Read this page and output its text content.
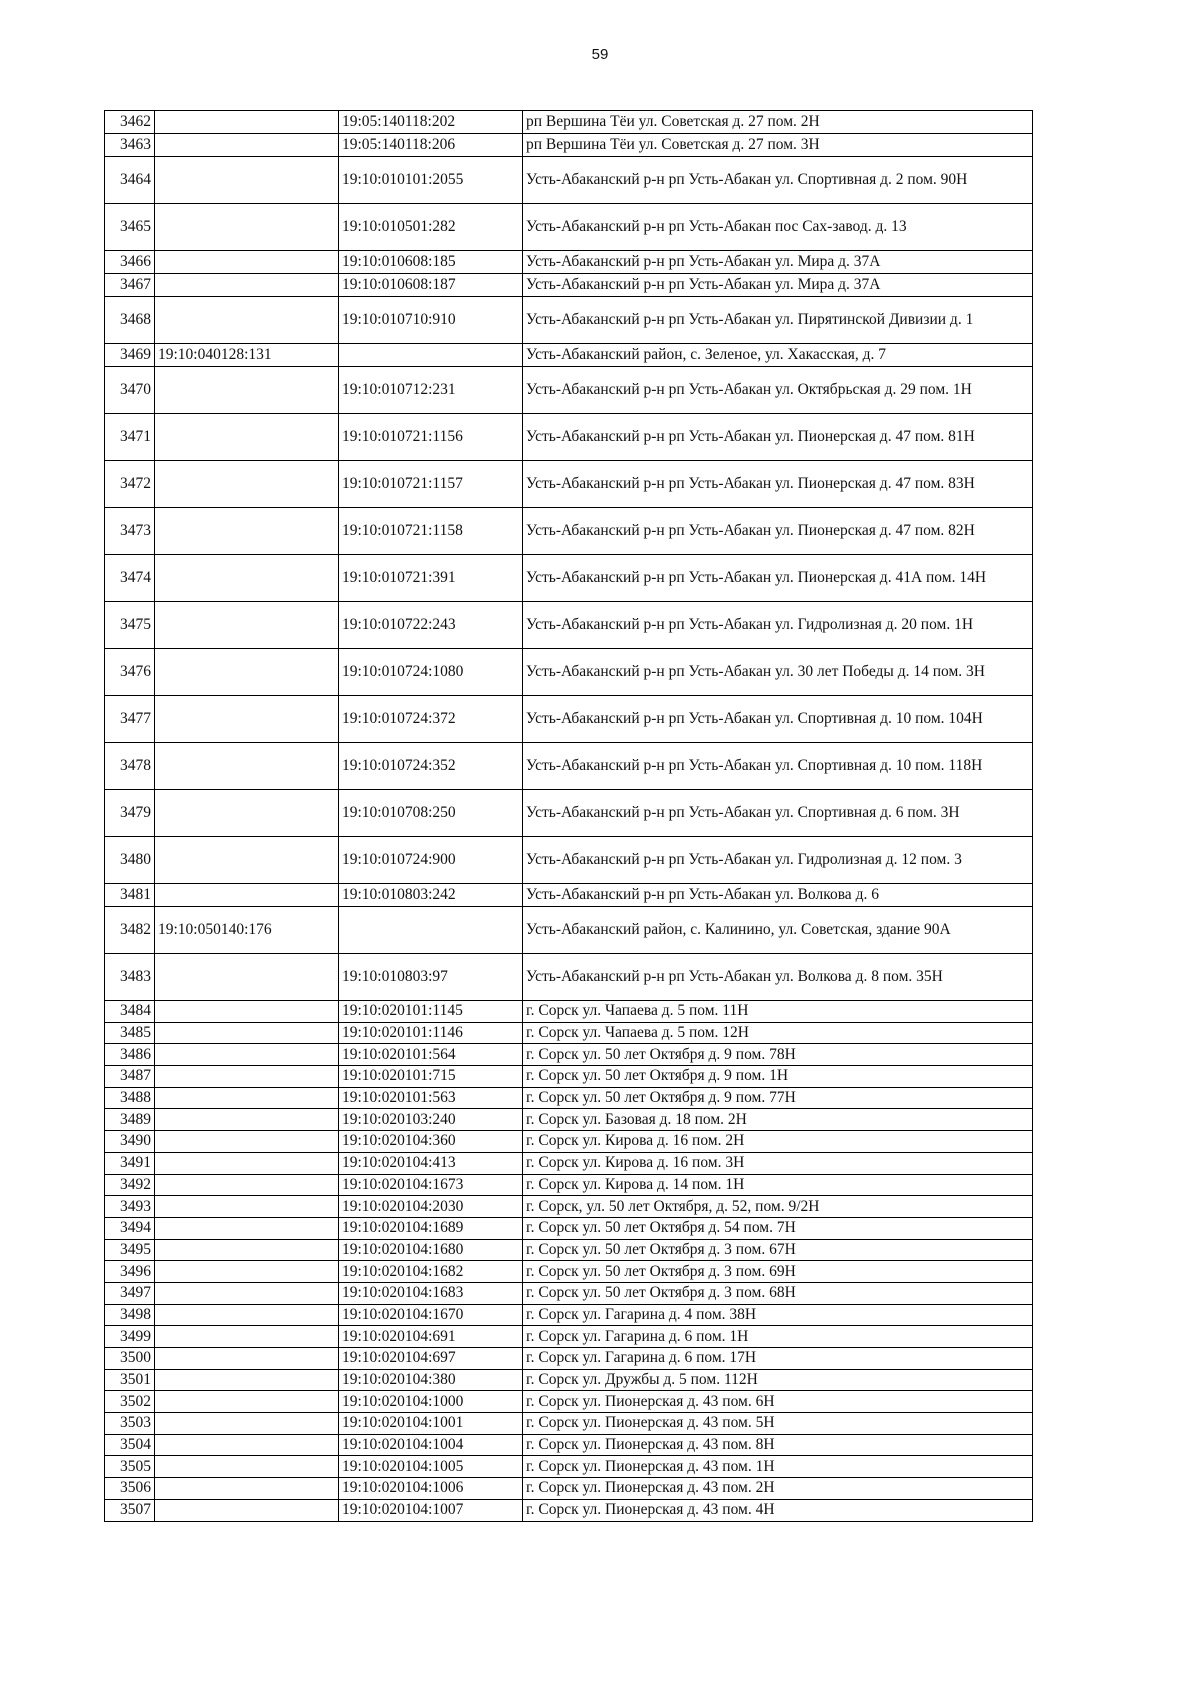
59
3462		19:05:140118:202	рп Вершина Тёи ул. Советская д. 27 пом. 2Н
3463		19:05:140118:206	рп Вершина Тёи ул. Советская д. 27 пом. 3Н
3464		19:10:010101:2055	Усть-Абаканский р-н рп Усть-Абакан ул. Спортивная д. 2 пом. 90Н
3465		19:10:010501:282	Усть-Абаканский р-н рп Усть-Абакан пос Сах-завод. д. 13
3466		19:10:010608:185	Усть-Абаканский р-н рп Усть-Абакан ул. Мира д. 37А
3467		19:10:010608:187	Усть-Абаканский р-н рп Усть-Абакан ул. Мира д. 37А
3468		19:10:010710:910	Усть-Абаканский р-н рп Усть-Абакан ул. Пирятинской Дивизии д. 1
3469	19:10:040128:131		Усть-Абаканский район, с. Зеленое, ул. Хакасская, д. 7
3470		19:10:010712:231	Усть-Абаканский р-н рп Усть-Абакан ул. Октябрьская д. 29 пом. 1Н
3471		19:10:010721:1156	Усть-Абаканский р-н рп Усть-Абакан ул. Пионерская д. 47 пом. 81Н
3472		19:10:010721:1157	Усть-Абаканский р-н рп Усть-Абакан ул. Пионерская д. 47 пом. 83Н
3473		19:10:010721:1158	Усть-Абаканский р-н рп Усть-Абакан ул. Пионерская д. 47 пом. 82Н
3474		19:10:010721:391	Усть-Абаканский р-н рп Усть-Абакан ул. Пионерская д. 41А пом. 14Н
3475		19:10:010722:243	Усть-Абаканский р-н рп Усть-Абакан ул. Гидролизная д. 20 пом. 1Н
3476		19:10:010724:1080	Усть-Абаканский р-н рп Усть-Абакан ул. 30 лет Победы д. 14 пом. 3Н
3477		19:10:010724:372	Усть-Абаканский р-н рп Усть-Абакан ул. Спортивная д. 10 пом. 104Н
3478		19:10:010724:352	Усть-Абаканский р-н рп Усть-Абакан ул. Спортивная д. 10 пом. 118Н
3479		19:10:010708:250	Усть-Абаканский р-н рп Усть-Абакан ул. Спортивная д. 6 пом. 3Н
3480		19:10:010724:900	Усть-Абаканский р-н рп Усть-Абакан ул. Гидролизная д. 12 пом. 3
3481		19:10:010803:242	Усть-Абаканский р-н рп Усть-Абакан ул. Волкова д. 6
3482	19:10:050140:176		Усть-Абаканский район, с. Калинино, ул. Советская, здание 90А
3483		19:10:010803:97	Усть-Абаканский р-н рп Усть-Абакан ул. Волкова д. 8 пом. 35Н
3484		19:10:020101:1145	г. Сорск ул. Чапаева д. 5 пом. 11Н
3485		19:10:020101:1146	г. Сорск ул. Чапаева д. 5 пом. 12Н
3486		19:10:020101:564	г. Сорск ул. 50 лет Октября д. 9 пом. 78Н
3487		19:10:020101:715	г. Сорск ул. 50 лет Октября д. 9 пом. 1Н
3488		19:10:020101:563	г. Сорск ул. 50 лет Октября д. 9 пом. 77Н
3489		19:10:020103:240	г. Сорск ул. Базовая д. 18 пом. 2Н
3490		19:10:020104:360	г. Сорск ул. Кирова д. 16 пом. 2Н
3491		19:10:020104:413	г. Сорск ул. Кирова д. 16 пом. 3Н
3492		19:10:020104:1673	г. Сорск ул. Кирова д. 14 пом. 1Н
3493		19:10:020104:2030	г. Сорск, ул. 50 лет Октября, д. 52, пом. 9/2Н
3494		19:10:020104:1689	г. Сорск ул. 50 лет Октября д. 54 пом. 7Н
3495		19:10:020104:1680	г. Сорск ул. 50 лет Октября д. 3 пом. 67Н
3496		19:10:020104:1682	г. Сорск ул. 50 лет Октября д. 3 пом. 69Н
3497		19:10:020104:1683	г. Сорск ул. 50 лет Октября д. 3 пом. 68Н
3498		19:10:020104:1670	г. Сорск ул. Гагарина д. 4 пом. 38Н
3499		19:10:020104:691	г. Сорск ул. Гагарина д. 6 пом. 1Н
3500		19:10:020104:697	г. Сорск ул. Гагарина д. 6 пом. 17Н
3501		19:10:020104:380	г. Сорск ул. Дружбы д. 5 пом. 112Н
3502		19:10:020104:1000	г. Сорск ул. Пионерская д. 43 пом. 6Н
3503		19:10:020104:1001	г. Сорск ул. Пионерская д. 43 пом. 5Н
3504		19:10:020104:1004	г. Сорск ул. Пионерская д. 43 пом. 8Н
3505		19:10:020104:1005	г. Сорск ул. Пионерская д. 43 пом. 1Н
3506		19:10:020104:1006	г. Сорск ул. Пионерская д. 43 пом. 2Н
3507		19:10:020104:1007	г. Сорск ул. Пионерская д. 43 пом. 4Н
